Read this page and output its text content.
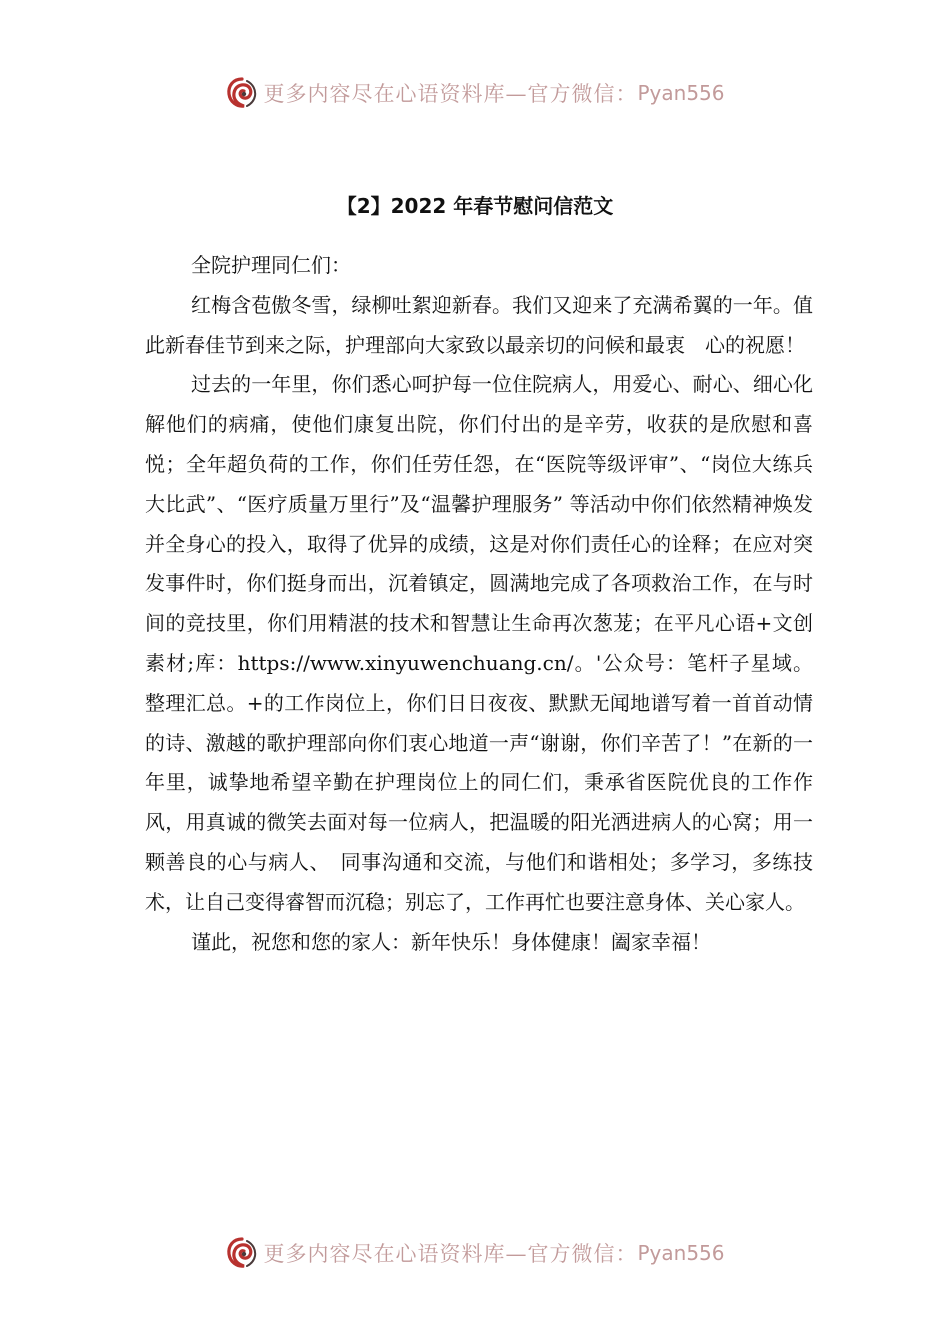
更多内容尽在心语资料库—官方微信： Pyan556
【2】2022 年春节慰问信范文

全院护理同仁们：

红梅含苞傲冬雪，绿柳吐絮迎新春。我们又迎来了充满希翼的一年。值此新春佳节到来之际，护理部向大家致以最亲切的问候和最衷　心的祝愿！

过去的一年里，你们悉心呵护每一位住院病人，用爱心、耐心、细心化解他们的病痛，使他们康复出院，你们付出的是辛劳，收获的是欣慰和喜悦；全年超负荷的工作，你们任劳任怨，在“医院等级评审”、“岗位大练兵大比武”、“医疗质量万里行”及“温馨护理服务” 等活动中你们依然精神焕发并全身心的投入，取得了优异的成绩，这是对你们责任心的诠释；在应对突发事件时，你们挺身而出，沉着镇定，圆满地完成了各项救治工作，在与时间的竞技里，你们用精湛的技术和智慧让生命再次葱茏；在平凡心语+文创素材;库：https://www.xinyuwenchuang.cn/。'公众号：笔杆子星域。整理汇总。+的工作岗位上，你们日日夜夜、默默无闻地谱写着一首首动情的诗、激越的歌护理部向你们衷心地道一声“谢谢，你们辛苦了！”在新的一年里，诚挚地希望辛勤在护理岗位上的同仁们，秉承省医院优良的工作作风，用真诚的微笑去面对每一位病人，把温暖的阳光洒进病人的心窝；用一颗善良的心与病人、　同事沟通和交流，与他们和谐相处；多学习，多练技术，让自己变得睿智而沉稳；别忘了，工作再忙也要注意身体、关心家人。

谨此，祝您和您的家人：新年快乐！身体健康！阖家幸福！

更多内容尽在心语资料库—官方微信： Pyan556
